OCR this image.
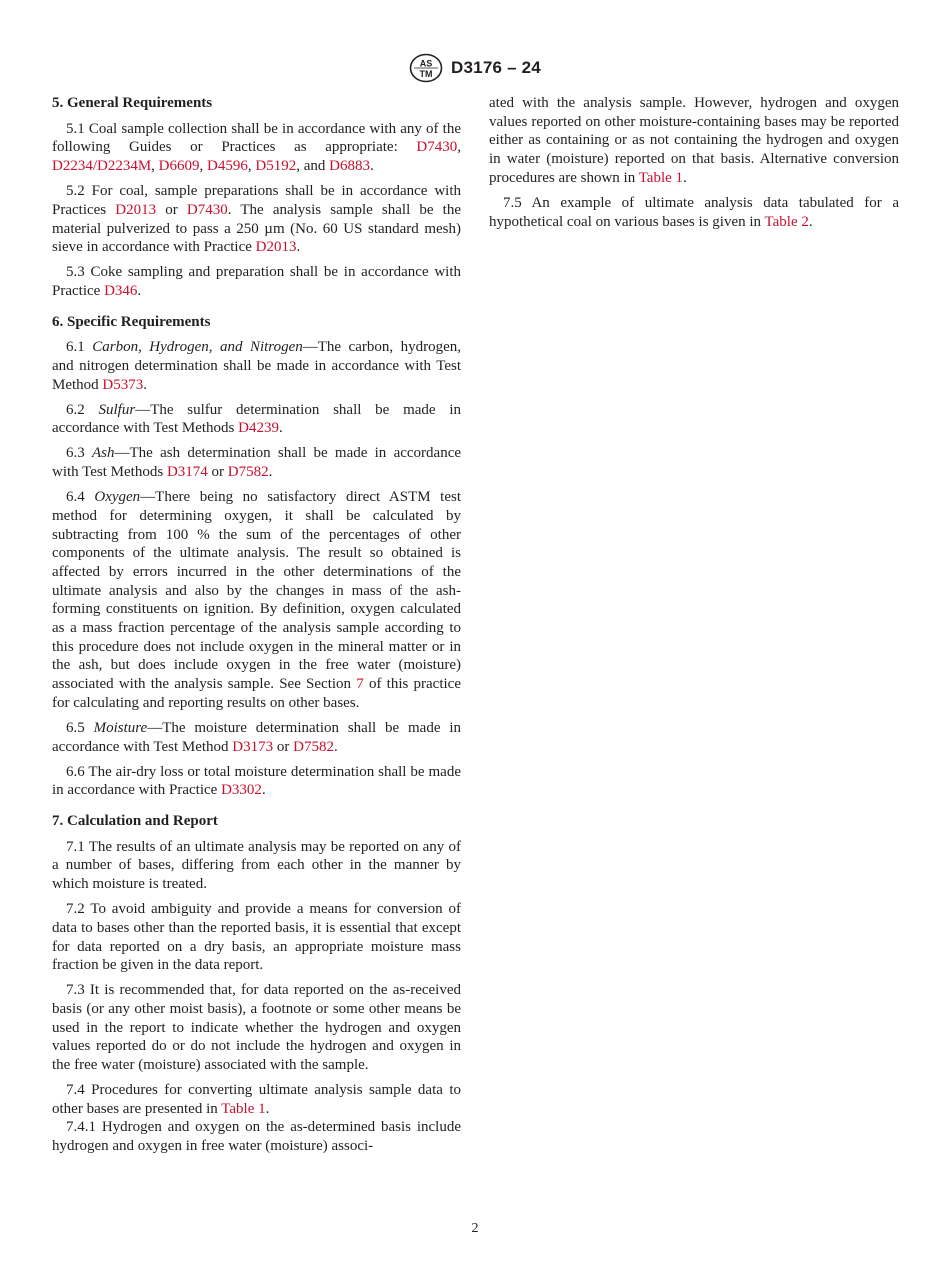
AS
TM D3176 – 24
5. General Requirements

5.1 Coal sample collection shall be in accordance with any of the following Guides or Practices as appropriate: D7430, D2234/D2234M, D6609, D4596, D5192, and D6883.

5.2 For coal, sample preparations shall be in accordance with Practices D2013 or D7430. The analysis sample shall be the material pulverized to pass a 250 µm (No. 60 US standard mesh) sieve in accordance with Practice D2013.

5.3 Coke sampling and preparation shall be in accordance with Practice D346.

6. Specific Requirements

6.1 Carbon, Hydrogen, and Nitrogen—The carbon, hydrogen, and nitrogen determination shall be made in accordance with Test Method D5373.

6.2 Sulfur—The sulfur determination shall be made in accordance with Test Methods D4239.

6.3 Ash—The ash determination shall be made in accordance with Test Methods D3174 or D7582.

6.4 Oxygen—There being no satisfactory direct ASTM test method for determining oxygen, it shall be calculated by subtracting from 100 % the sum of the percentages of other components of the ultimate analysis. The result so obtained is affected by errors incurred in the other determinations of the ultimate analysis and also by the changes in mass of the ash-forming constituents on ignition. By definition, oxygen calculated as a mass fraction percentage of the analysis sample according to this procedure does not include oxygen in the mineral matter or in the ash, but does include oxygen in the free water (moisture) associated with the analysis sample. See Section 7 of this practice for calculating and reporting results on other bases.

6.5 Moisture—The moisture determination shall be made in accordance with Test Method D3173 or D7582.

6.6 The air-dry loss or total moisture determination shall be made in accordance with Practice D3302.

7. Calculation and Report

7.1 The results of an ultimate analysis may be reported on any of a number of bases, differing from each other in the manner by which moisture is treated.

7.2 To avoid ambiguity and provide a means for conversion of data to bases other than the reported basis, it is essential that except for data reported on a dry basis, an appropriate moisture mass fraction be given in the data report.

7.3 It is recommended that, for data reported on the as-received basis (or any other moist basis), a footnote or some other means be used in the report to indicate whether the hydrogen and oxygen values reported do or do not include the hydrogen and oxygen in the free water (moisture) associated with the sample.

7.4 Procedures for converting ultimate analysis sample data to other bases are presented in Table 1.

7.4.1 Hydrogen and oxygen on the as-determined basis include hydrogen and oxygen in free water (moisture) associ-

ated with the analysis sample. However, hydrogen and oxygen values reported on other moisture-containing bases may be reported either as containing or as not containing the hydrogen and oxygen in water (moisture) reported on that basis. Alternative conversion procedures are shown in Table 1.

7.5 An example of ultimate analysis data tabulated for a hypothetical coal on various bases is given in Table 2.

2
